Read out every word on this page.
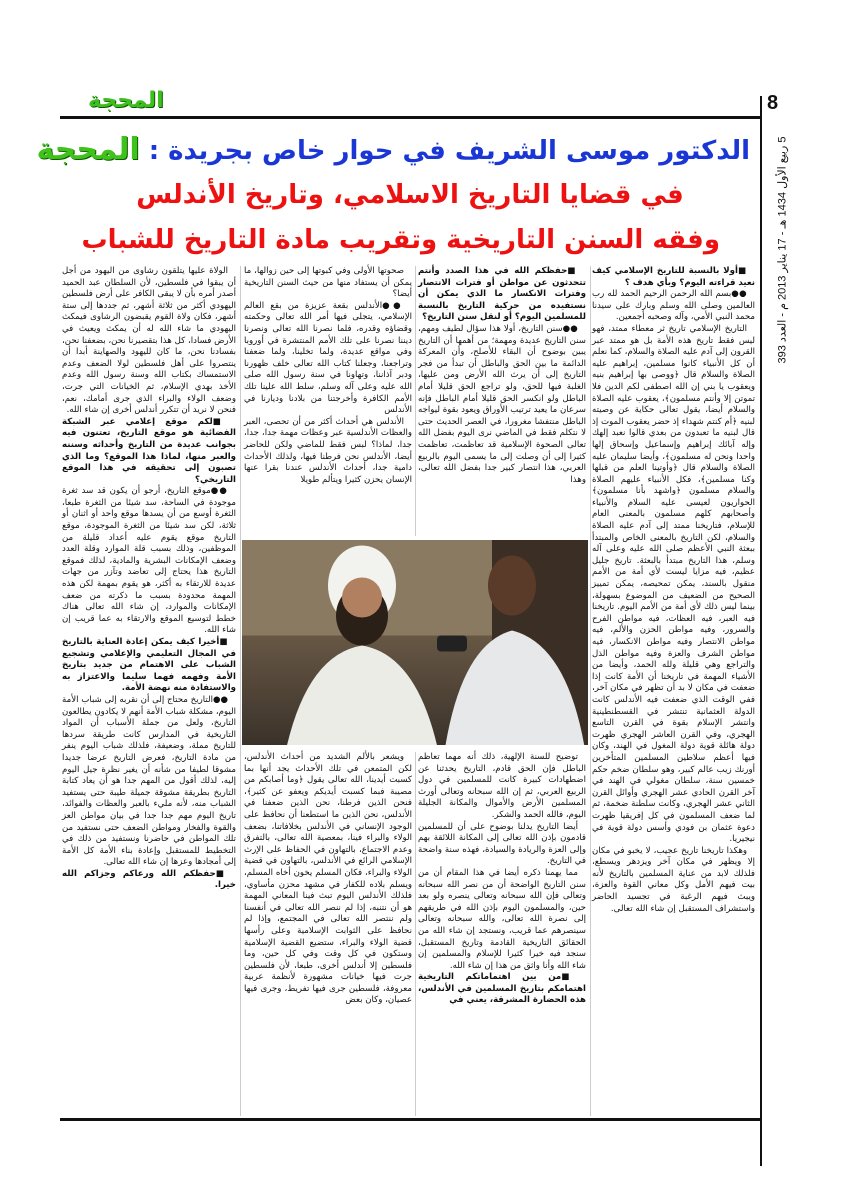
المحجة	8
5 ربيع الأول 1434 هـ - 17 يناير 2013 م - العدد 393
الدكتور موسى الشريف في حوار خاص بجريدة : المحجة
في قضايا التاريخ الاسلامي، وتاريخ الأندلس
وفقه السنن التاريخية وتقريب مادة التاريخ للشباب

■ أولا بالنسبة للتاريخ الإسلامي كيف نعيد قراءته اليوم؟ وبأي هدف ؟

●● بسم الله الرحمن الرحيم الحمد لله رب العالمين وصلى الله وسلم وبارك على سيدنا محمد النبي الأمي، وآله وصحبه أجمعين.

التاريخ الإسلامي تاريخ ثر معطاء ممتد، فهو ليس فقط تاريخ هذه الأمة بل هو ممتد عبر القرون إلى آدم عليه الصلاة والسلام، كما نعلم أن كل الأنبياء كانوا مسلمين، إبراهيم عليه الصلاة والسلام قال ﴿ووصى بها إبراهيم بنيه ويعقوب يا بني إن الله اصطفى لكم الدين فلا تموتن إلا وأنتم مسلمون﴾، يعقوب عليه الصلاة والسلام أيضا، يقول تعالى حكاية عن وصيته لبنيه ﴿أم كنتم شهداء إذ حضر يعقوب الموت إذ قال لبنيه ما تعبدون من بعدي قالوا نعبد إلهك وإله آبائك إبراهيم وإسماعيل وإسحاق إلها واحدا ونحن له مسلمون﴾، وأيضا سليمان عليه الصلاة والسلام قال ﴿وأوتينا العلم من قبلها وكنا مسلمين﴾، فكل الأنبياء عليهم الصلاة والسلام مسلمون ﴿واشهد بأنا مسلمون﴾ الحواريون لعيسى عليه السلام والأنبياء وأصحابهم كلهم مسلمون بالمعنى العام للإسلام، فتاريخنا ممتد إلى آدم عليه الصلاة والسلام، لكن التاريخ بالمعنى الخاص والمبتدأ ببعثة النبي الأعظم صلى الله عليه وعلى آله وسلم، هذا التاريخ مبتدأ بالبعثة. تاريخ جليل عظيم، فيه مزايا ليست لأي أمة من الأمم منقول بالسند، يمكن تمحيصه، يمكن تمييز الصحيح من الضعيف من الموضوع بسهولة، بينما ليس ذلك لأي أمة من الأمم اليوم. تاريخنا فيه العبر، فيه العظات، فيه مواطن الفرح والسرور، وفيه مواطن الحزن والألم، فيه مواطن الانتصار وفيه مواطن الانكسار، فيه مواطن الشرف والعزة وفيه مواطن الذل والتراجع وهي قليلة ولله الحمد، وأيضا من الأشياء المهمة في تاريخنا أن الأمة كانت إذا ضعفت في مكان لا بد أن تظهر في مكان آخر، ففي الوقت الذي ضعفت فيه الأندلس كانت الدولة العثمانية تنتشر في القسطنطينية وانتشر الإسلام بقوة في القرن التاسع الهجري، وفي القرن العاشر الهجري ظهرت دولة هائلة قوية دولة المغول في الهند، وكان فيها أعظم سلاطين المسلمين المتأخرين أورنك زيب عالم كبير، وهو سلطان ضخم حكم خمسين سنة، سلطان مغولي في الهند في آخر القرن الحادي عشر الهجري وأوائل القرن الثاني عشر الهجري، وكانت سلطنة ضخمة، ثم لما ضعف المسلمون في كل إفريقيا ظهرت دعوة عثمان بن فودي وأسس دولة قوية في نيجيريا.

وهكذا تاريخنا تاريخ عجيب، لا يخبو في مكان إلا ويظهر في مكان آخر ويزدهر ويسطع، فلذلك لابد من عناية المسلمين بالتاريخ لأنه بيت فيهم الأمل وكل معاني القوة والعزة، ويبث فيهم الرغبة في تجسيد الحاضر واستشراف المستقبل إن شاء الله تعالى.

■ حفظكم الله في هذا الصدد وأنتم تتحدثون عن مواطن أو فترات الانتصار وفترات الانكسار ما الذي يمكن أن نستفيده من حركية التاريخ بالنسبة للمسلمين اليوم؟ أو لنقل سنن التاريخ؟

●● سنن التاريخ، أولا هذا سؤال لطيف ومهم، سنن التاريخ عديدة ومهمة؛ من أهمها أن التاريخ يبين بوضوح أن البقاء للأصلح، وأن المعركة الدائمة ما بين الحق والباطل أن تبدأ من فجر التاريخ إلى أن يرث الله الأرض ومن عليها، الغلبة فيها للحق، ولو تراجع الحق قليلا أمام الباطل ولو انكسر الحق قليلا أمام الباطل فإنه سرعان ما يعيد ترتيب الأوراق ويعود بقوة ليواجه الباطل منتفشا مغرورا، في العصر الحديث حتى لا نتكلم فقط في الماضي نرى اليوم بفضل الله تعالى الصحوة الإسلامية قد تعاظمت، تعاظمت كثيرا إلى أن وصلت إلى ما يسمى اليوم بالربيع العربي، هذا انتصار كبير جدا بفضل الله تعالى، وهذا

توضيح للسنة الإلهية، ذلك أنه مهما تعاظم الباطل فإن الحق قادم، التاريخ يحدثنا عن اضطهادات كبيرة كانت للمسلمين في دول الربيع العربي، ثم إن الله سبحانه وتعالى أورث المسلمين الأرض والأموال والمكانة الجليلة اليوم، فالله الحمد والشكر.

أيضا التاريخ يدلنا بوضوح على أن للمسلمين قادمون بإذن الله تعالى إلى المكانة اللائقة بهم وإلى العزة والريادة والسيادة، فهذه سنة واضحة في التاريخ.

مما يهمنا ذكره أيضا في هذا المقام أن من سنن التاريخ الواضحة أن من نصر الله سبحانه وتعالى فإن الله سبحانه وتعالى ينصره ولو بعد حين، والمسلمون اليوم بإذن الله في طريقهم إلى نصرة الله تعالى، والله سبحانه وتعالى سينصرهم عما قريب، ونستجد إن شاء الله من الحقائق التاريخية القادمة وتاريخ المستقبل، سنجد فيه خيرا كثيرا للإسلام والمسلمين إن شاء الله وأنا واثق من هذا إن شاء الله.

■ من بين اهتماماتكم التاريخية اهتمامكم بتاريخ المسلمين في الأندلس، هذه الحضارة المشرقة، يعني في

صحوتها الأولى وفي كبوتها إلى حين زوالها، ما يمكن أن يستفاد منها من حيث السنن التاريخية أيضا؟

●● الأندلس بقعة عزيزة من بقع العالم الإسلامي، يتجلى فيها أمر الله تعالى وحكمته وقضاؤه وقدره، فلما نصرنا الله تعالى ونصرنا ديننا نصرنا على تلك الأمم المنتشرة في أوروبا وفي مواقع عديدة، ولما تخلينا، ولما ضعفنا وتراجعنا، وجعلنا كتاب الله تعالى خلف ظهورنا ودبر آذاننا، وتهاونا في سنة رسول الله صلى الله عليه وعلى آله وسلم، سلط الله علينا تلك الأمم الكافرة وأخرجتنا من بلادنا وديارنا في الأندلس

الأندلس هي أحداث أكثر من أن تحصى، العبر والعظات الأندلسية عبر وعظات مهمة جدا، جدا، جدا، لماذا؟ لبس فقط للماضي ولكن للحاضر أيضا، الأندلس نحن فرطنا فيها، ولذلك الأحداث دامية جدا، أحداث الأندلس عندنا بقرا عنها الإنسان يحزن كثيرا ويتألم طويلا

ويشعر بالألم الشديد من أحداث الأندلس، لكن المتمعن في تلك الأحداث يجد أنها بما كسبت أيدينا، الله تعالى يقول ﴿وما أصابكم من مصيبة فبما كسبت أيديكم ويعفو عن كثير﴾، فنحن الذين فرطنا، نحن الذين ضعفنا في الأندلس، نحن الذين ما استطعنا أن نحافظ على الوجود الإنساني في الأندلس بخلافاتنا، بضعف الولاء والبراء فينا، بمعصية الله تعالى، بالتفرق وعدم الاجتماع، بالتهاون في الحفاظ على الإرث الإسلامي الرائع في الأندلس، بالتهاون في قضية الولاء والبراء، فكان المسلم يخون أخاه المسلم، ويسلم بلاده للكفار في مشهد محزن مأساوي، فلذلك الأندلس اليوم تبث فينا المعاني المهمة هو أن نتنبه، إذا لم ننصر الله تعالى في أنفسنا ولم ننتصر الله تعالى في المجتمع، وإذا لم نحافظ على الثوابت الإسلامية وعلى رأسها قضية الولاء والبراء، ستضيع القضية الإسلامية وستكون في كل وقت وفي كل حين، وما فلسطين إلا أندلس أخرى، طبعا، لأن فلسطين جرت فيها خيانات مشهورة لأنظمة عربية معروفة، فلسطين جرى فيها تفريط، وجرى فيها عصيان، وكان بعض

الولاة عليها يتلقون رشاوى من اليهود من أجل أن يبقوا في فلسطين، لأن السلطان عبد الحميد أصدر أمره بأن لا يبقى الكافر على أرض فلسطين اليهودي أكثر من ثلاثة أشهر، ثم جددها إلى ستة أشهر، فكان ولاة القوم يقبضون الرشاوى فيمكث اليهودي ما شاء الله له أن يمكث ويعيث في الأرض فسادا، كل هذا بتقصيرنا نحن، بضعفنا نحن، بفسادنا نحن، ما كان لليهود والصهاينة أبدا أن ينتصروا على أهل فلسطين لولا الضعف وعدم الاستمساك بكتاب الله وسنة رسول الله وعدم الأخذ بهدي الإسلام، ثم الخيانات التي جرت، وضعف الولاء والبراء الذي جرى أمامك، نعم، فنحن لا نريد أن تتكرر أندلس أخرى إن شاء الله.

■ لكم موقع إعلامي عبر الشبكة الفضائية هو موقع التاريخ، تعتنون فيه بجوانب عديدة من التاريخ وأحداثه وسننه والعبر منها، لماذا هذا الموقع؟ وما الذي تصبون إلى تحقيقه في هذا الموقع التاريخي؟

●● موقع التاريخ، أرجو أن يكون قد سد ثغرة موجودة في الساحة، سد شيئا من الثغرة طبعا، الثغرة أوسع من أن يسدها موقع واحد أو اثنان أو ثلاثة، لكن سد شيئا من الثغرة الموجودة، موقع التاريخ موقع يقوم عليه أعداد قليلة من الموظفين، وذلك بسبب قلة الموارد وقلة العدد وضعف الإمكانات البشرية والمادية، لذلك فموقع التاريخ هذا يحتاج إلى تعاضد وتآزر من جهات عديدة للارتقاء به أكثر، هو يقوم بمهمة لكن هذه المهمة محدودة بسبب ما ذكرته من ضعف الإمكانات والموارد، إن شاء الله تعالى هناك خطط لتوسيع الموقع والارتقاء به عما قريب إن شاء الله.

■ أخيرا كيف يمكن إعادة العناية بالتاريخ في المجال التعليمي والإعلامي وتشجيع الشباب على الاهتمام من جديد بتاريخ الأمة وفهمه فهما سليما والاعتزاز به والاستفادة منه نهضة الأمة.

●● التاريخ محتاج إلى أن نقربه إلى شباب الأمة اليوم، مشكلة شباب الأمة أنهم لا يكادون يطالعون التاريخ، ولعل من جملة الأسباب أن المواد التاريخية في المدارس كانت طريقة سردها للتاريخ مملة، وضعيفة، فلذلك شباب اليوم ينفر من مادة التاريخ، فعرض التاريخ عرضا جديدا مشوقا لطيفا من شأنه أن يغير نظرة جيل اليوم إليه، لذلك أقول من المهم جدا هو أن يعاد كتابة التاريخ بطريقة مشوقة جميلة طيبة حتى يستفيد الشباب منه، لأنه مليء بالعبر والعظات والفوائد، تاريخ اليوم مهم جدا جدا في بيان مواطن العز والقوة والفخار ومواطن الضعف حتى نستفيد من تلك المواطن في حاضرنا ونستفيد من ذلك في التخطيط للمستقبل وإعادة بناء الأمة كل الأمة إلى أمجادها وعزها إن شاء الله تعالى.

■ حفظكم الله ورعاكم وجزاكم الله خيرا.
